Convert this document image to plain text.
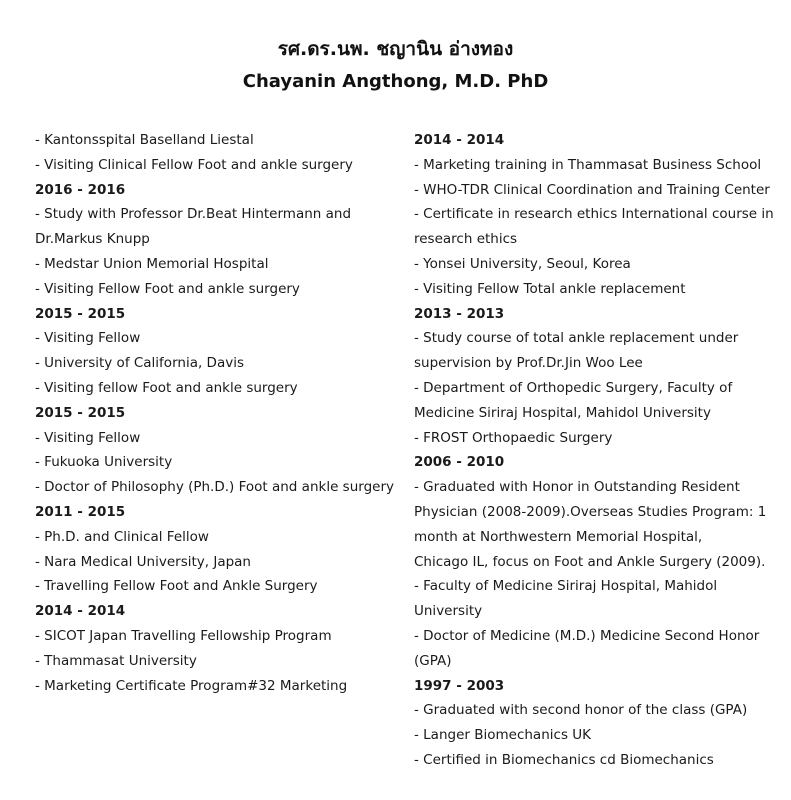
รศ.ดร.นพ. ชญานิน อ่างทอง
Chayanin Angthong, M.D. PhD
- Kantonsspital Baselland Liestal
- Visiting Clinical Fellow Foot and ankle surgery
2016 - 2016
- Study with Professor Dr.Beat Hintermann and
Dr.Markus Knupp
- Medstar Union Memorial Hospital
- Visiting Fellow Foot and ankle surgery
2015 - 2015
- Visiting Fellow
- University of California, Davis
- Visiting fellow Foot and ankle surgery
2015 - 2015
- Visiting Fellow
- Fukuoka University
- Doctor of Philosophy (Ph.D.) Foot and ankle surgery
2011 - 2015
- Ph.D. and Clinical Fellow
- Nara Medical University, Japan
- Travelling Fellow Foot and Ankle Surgery
2014 - 2014
- SICOT Japan Travelling Fellowship Program
- Thammasat University
- Marketing Certificate Program#32 Marketing
2014 - 2014
- Marketing training in Thammasat Business School
- WHO-TDR Clinical Coordination and Training Center
- Certificate in research ethics International course in
research ethics
- Yonsei University, Seoul, Korea
- Visiting Fellow Total ankle replacement
2013 - 2013
- Study course of total ankle replacement under
supervision by Prof.Dr.Jin Woo Lee
- Department of Orthopedic Surgery, Faculty of
Medicine Siriraj Hospital, Mahidol University
- FROST Orthopaedic Surgery
2006 - 2010
- Graduated with Honor in Outstanding Resident
Physician (2008-2009).Overseas Studies Program: 1
month at Northwestern Memorial Hospital,
Chicago IL, focus on Foot and Ankle Surgery (2009).
- Faculty of Medicine Siriraj Hospital, Mahidol
University
- Doctor of Medicine (M.D.) Medicine Second Honor
(GPA)
1997 - 2003
- Graduated with second honor of the class (GPA)
- Langer Biomechanics UK
- Certified in Biomechanics cd Biomechanics
